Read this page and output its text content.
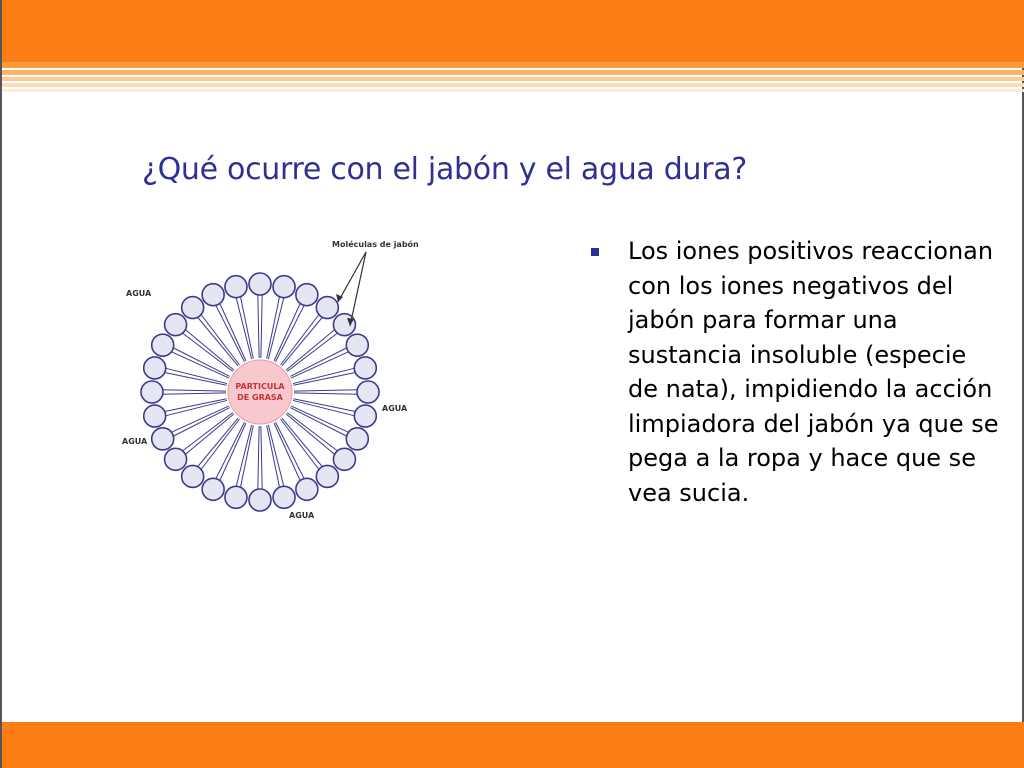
¿Qué ocurre con el jabón y el agua dura?
PARTICULA
DE GRASA
Moléculas de jabón
AGUA
AGUA
AGUA
AGUA
Los iones positivos reaccionan con los iones negativos del jabón para formar una sustancia insoluble (especie de nata), impidiendo la acción limpiadora del jabón ya que se pega a la ropa y hace que se vea sucia.
